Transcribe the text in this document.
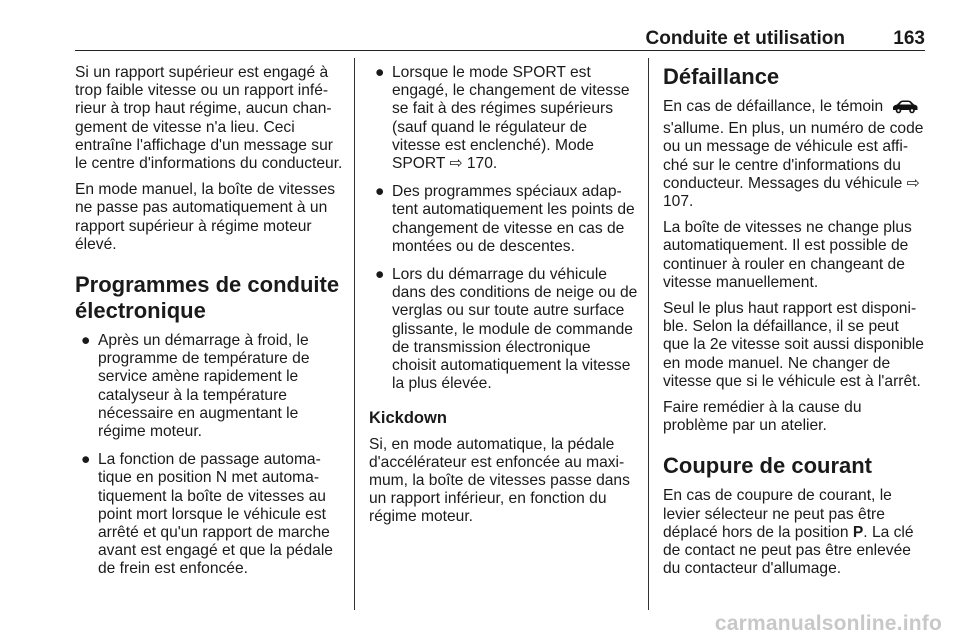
Conduite et utilisation	163

Si un rapport supérieur est engagé à trop faible vitesse ou un rapport inférieur à trop haut régime, aucun changement de vitesse n'a lieu. Ceci entraîne l'affichage d'un message sur le centre d'informations du conducteur.

En mode manuel, la boîte de vitesses ne passe pas automatiquement à un rapport supérieur à régime moteur élevé.

Programmes de conduite électronique
● Après un démarrage à froid, le programme de température de service amène rapidement le catalyseur à la température nécessaire en augmentant le régime moteur.
● La fonction de passage automatique en position N met automatiquement la boîte de vitesses au point mort lorsque le véhicule est arrêté et qu'un rapport de marche avant est engagé et que la pédale de frein est enfoncée.
● Lorsque le mode SPORT est engagé, le changement de vitesse se fait à des régimes supérieurs (sauf quand le régulateur de vitesse est enclenché). Mode SPORT ⇨ 170.
● Des programmes spéciaux adaptent automatiquement les points de changement de vitesse en cas de montées ou de descentes.
● Lors du démarrage du véhicule dans des conditions de neige ou de verglas ou sur toute autre surface glissante, le module de commande de transmission électronique choisit automatiquement la vitesse la plus élevée.
Kickdown

Si, en mode automatique, la pédale d'accélérateur est enfoncée au maximum, la boîte de vitesses passe dans un rapport inférieur, en fonction du régime moteur.

Défaillance

En cas de défaillance, le témoin  s'allume. En plus, un numéro de code ou un message de véhicule est affiché sur le centre d'informations du conducteur. Messages du véhicule ⇨ 107.

La boîte de vitesses ne change plus automatiquement. Il est possible de continuer à rouler en changeant de vitesse manuellement.

Seul le plus haut rapport est disponible. Selon la défaillance, il se peut que la 2e vitesse soit aussi disponible en mode manuel. Ne changer de vitesse que si le véhicule est à l'arrêt.

Faire remédier à la cause du problème par un atelier.

Coupure de courant

En cas de coupure de courant, le levier sélecteur ne peut pas être déplacé hors de la position P. La clé de contact ne peut pas être enlevée du contacteur d'allumage.

carmanualsonline.info
